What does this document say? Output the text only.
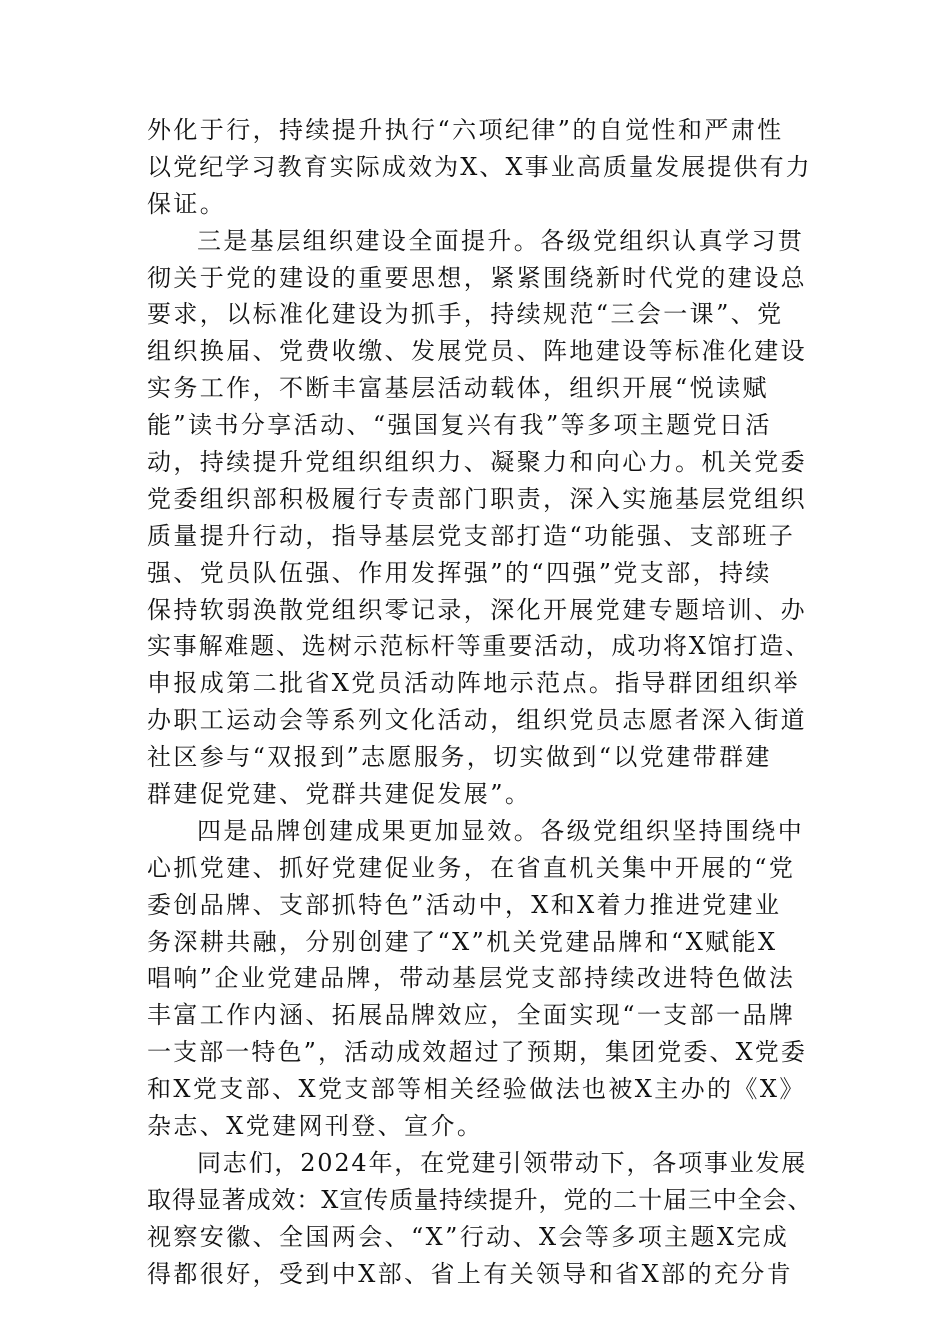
外化于行，持续提升执行“六项纪律”的自觉性和严肃性
以党纪学习教育实际成效为X、X事业高质量发展提供有力
保证。
三是基层组织建设全面提升。各级党组织认真学习贯
彻关于党的建设的重要思想，紧紧围绕新时代党的建设总
要求，以标准化建设为抓手，持续规范“三会一课”、党
组织换届、党费收缴、发展党员、阵地建设等标准化建设
实务工作，不断丰富基层活动载体，组织开展“悦读赋
能”读书分享活动、“强国复兴有我”等多项主题党日活
动，持续提升党组织组织力、凝聚力和向心力。机关党委
党委组织部积极履行专责部门职责，深入实施基层党组织
质量提升行动，指导基层党支部打造“功能强、支部班子
强、党员队伍强、作用发挥强”的“四强”党支部，持续
保持软弱涣散党组织零记录，深化开展党建专题培训、办
实事解难题、选树示范标杆等重要活动，成功将X馆打造、
申报成第二批省X党员活动阵地示范点。指导群团组织举
办职工运动会等系列文化活动，组织党员志愿者深入街道
社区参与“双报到”志愿服务，切实做到“以党建带群建
群建促党建、党群共建促发展”。
四是品牌创建成果更加显效。各级党组织坚持围绕中
心抓党建、抓好党建促业务，在省直机关集中开展的“党
委创品牌、支部抓特色”活动中，X和X着力推进党建业
务深耕共融，分别创建了“X”机关党建品牌和“X赋能X
唱响”企业党建品牌，带动基层党支部持续改进特色做法
丰富工作内涵、拓展品牌效应，全面实现“一支部一品牌
一支部一特色”，活动成效超过了预期，集团党委、X党委
和X党支部、X党支部等相关经验做法也被X主办的《X》
杂志、X党建网刊登、宣介。
同志们，2024年，在党建引领带动下，各项事业发展
取得显著成效：X宣传质量持续提升，党的二十届三中全会、
视察安徽、全国两会、“X”行动、X会等多项主题X完成
得都很好，受到中X部、省上有关领导和省X部的充分肯
